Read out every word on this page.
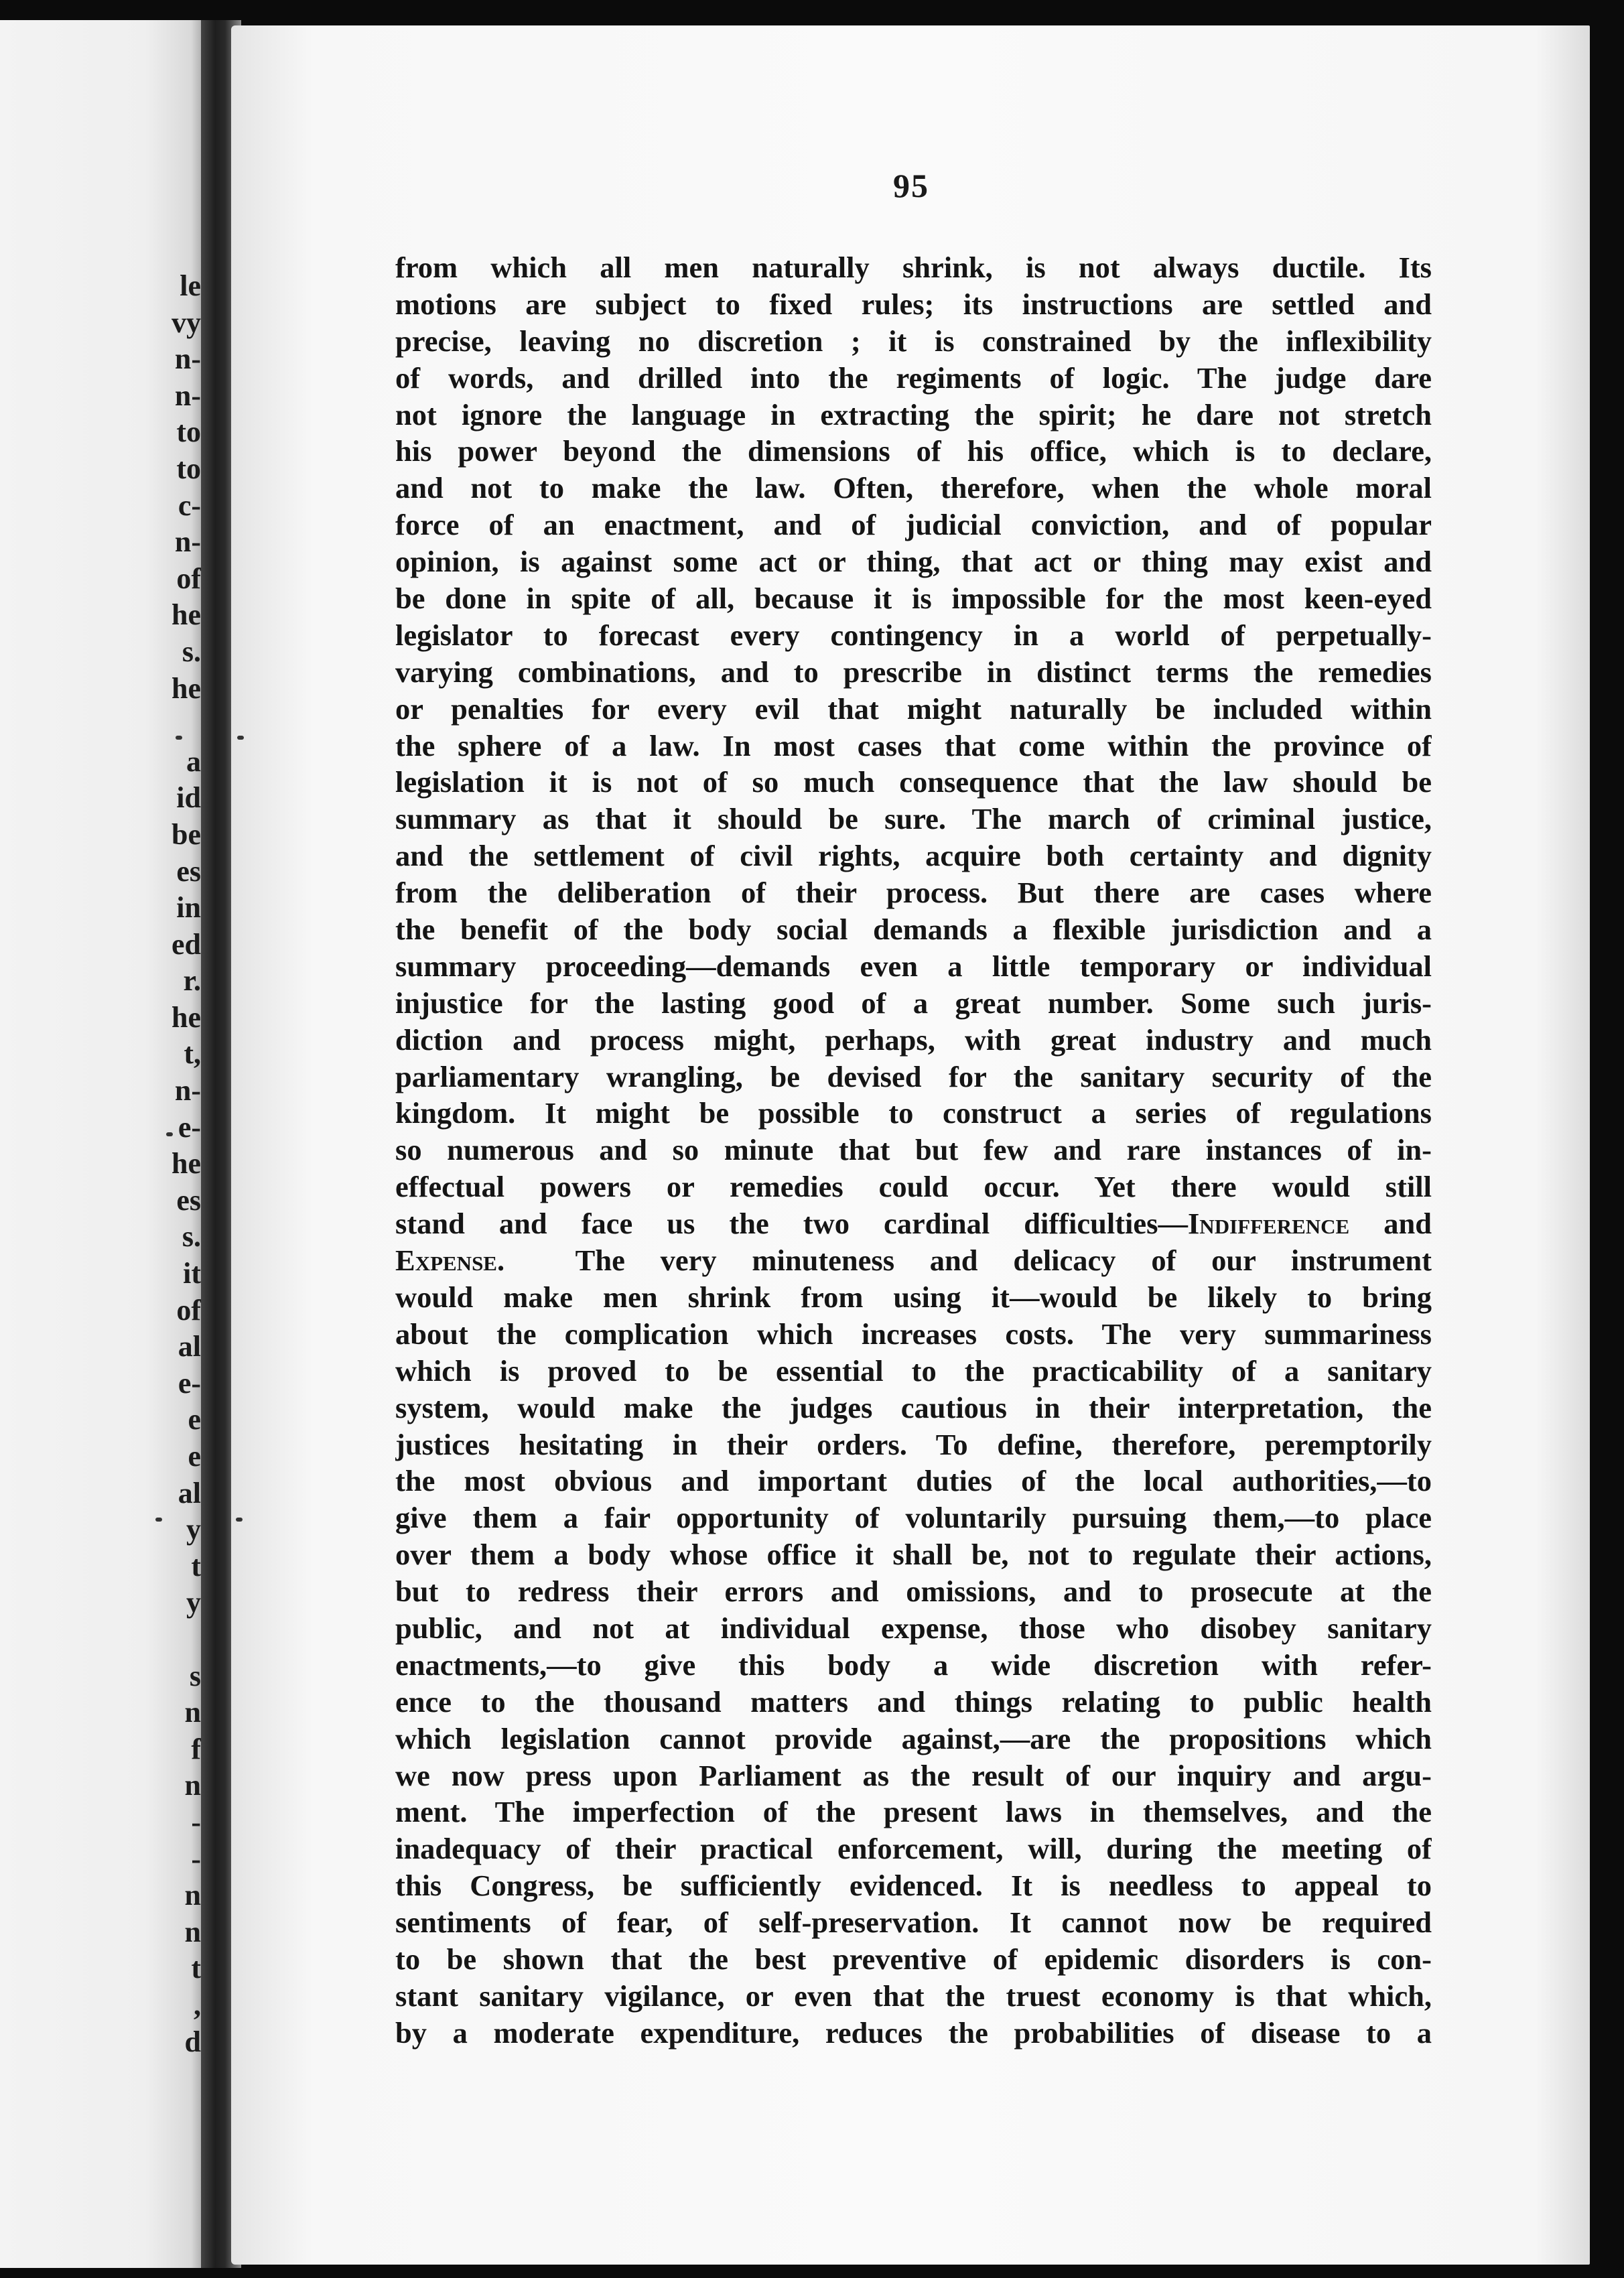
le
vy
n-
n-
to
to
c-
n-
of
he
s.
he

a
id
be
es
in
ed
r.
he
t,
n-
e-
he
es
s.
it
of
al
e-
e
e
al
y
t
y

s
n
f
n
-
-
n
n
t
,
d
95
from which all men naturally shrink, is not always ductile. Its
motions are subject to fixed rules; its instructions are settled and
precise, leaving no discretion ; it is constrained by the inflexibility
of words, and drilled into the regiments of logic. The judge dare
not ignore the language in extracting the spirit; he dare not stretch
his power beyond the dimensions of his office, which is to declare,
and not to make the law. Often, therefore, when the whole moral
force of an enactment, and of judicial conviction, and of popular
opinion, is against some act or thing, that act or thing may exist and
be done in spite of all, because it is impossible for the most keen-eyed
legislator to forecast every contingency in a world of perpetually-
varying combinations, and to prescribe in distinct terms the remedies
or penalties for every evil that might naturally be included within
the sphere of a law. In most cases that come within the province of
legislation it is not of so much consequence that the law should be
summary as that it should be sure. The march of criminal justice,
and the settlement of civil rights, acquire both certainty and dignity
from the deliberation of their process. But there are cases where
the benefit of the body social demands a flexible jurisdiction and a
summary proceeding—demands even a little temporary or individual
injustice for the lasting good of a great number. Some such juris-
diction and process might, perhaps, with great industry and much
parliamentary wrangling, be devised for the sanitary security of the
kingdom. It might be possible to construct a series of regulations
so numerous and so minute that but few and rare instances of in-
effectual powers or remedies could occur. Yet there would still
stand and face us the two cardinal difficulties—Indifference and
Expense. The very minuteness and delicacy of our instrument
would make men shrink from using it—would be likely to bring
about the complication which increases costs. The very summariness
which is proved to be essential to the practicability of a sanitary
system, would make the judges cautious in their interpretation, the
justices hesitating in their orders. To define, therefore, peremptorily
the most obvious and important duties of the local authorities,—to
give them a fair opportunity of voluntarily pursuing them,—to place
over them a body whose office it shall be, not to regulate their actions,
but to redress their errors and omissions, and to prosecute at the
public, and not at individual expense, those who disobey sanitary
enactments,—to give this body a wide discretion with refer-
ence to the thousand matters and things relating to public health
which legislation cannot provide against,—are the propositions which
we now press upon Parliament as the result of our inquiry and argu-
ment. The imperfection of the present laws in themselves, and the
inadequacy of their practical enforcement, will, during the meeting of
this Congress, be sufficiently evidenced. It is needless to appeal to
sentiments of fear, of self-preservation. It cannot now be required
to be shown that the best preventive of epidemic disorders is con-
stant sanitary vigilance, or even that the truest economy is that which,
by a moderate expenditure, reduces the probabilities of disease to a
